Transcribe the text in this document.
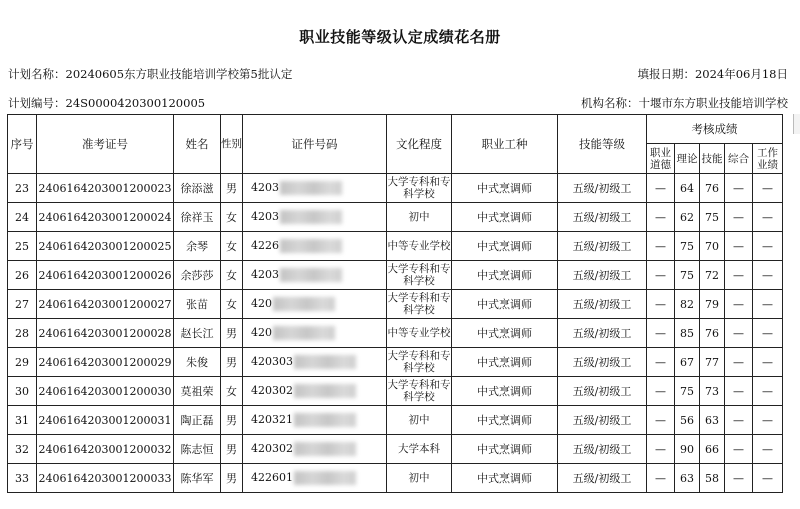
职业技能等级认定成绩花名册
计划名称：20240605东方职业技能培训学校第5批认定	填报日期：2024年06月18日
计划编号：24S0000420300120005	机构名称：十堰市东方职业技能培训学校
序号	准考证号	姓名	性别	证件号码	文化程度	职业工种	技能等级	考核成绩				
								职业道德	理论	技能	综合	工作业绩
23	240616420300120002​3	徐添滋	男	4203	大学专科和专科学校	中式烹调师	五级/初级工	—	64	76	—	—
24	2406164203001200024	徐祥玉	女	4203	初中	中式烹调师	五级/初级工	—	62	75	—	—
25	2406164203001200025	余琴	女	4226	中等专业学校	中式烹调师	五级/初级工	—	75	70	—	—
26	2406164203001200026	余莎莎	女	4203	大学专科和专科学校	中式烹调师	五级/初级工	—	75	72	—	—
27	2406164203001200027	张苗	女	420	大学专科和专科学校	中式烹调师	五级/初级工	—	82	79	—	—
28	2406164203001200028	赵长江	男	420	中等专业学校	中式烹调师	五级/初级工	—	85	76	—	—
29	2406164203001200029	朱俊	男	420303	大学专科和专科学校	中式烹调师	五级/初级工	—	67	77	—	—
30	2406164203001200030	莫祖荣	女	420302	大学专科和专科学校	中式烹调师	五级/初级工	—	75	73	—	—
31	2406164203001200031	陶正磊	男	420321	初中	中式烹调师	五级/初级工	—	56	63	—	—
32	2406164203001200032	陈志恒	男	420302	大学本科	中式烹调师	五级/初级工	—	90	66	—	—
33	2406164203001200033	陈华军	男	422601	初中	中式烹调师	五级/初级工	—	63	58	—	—
